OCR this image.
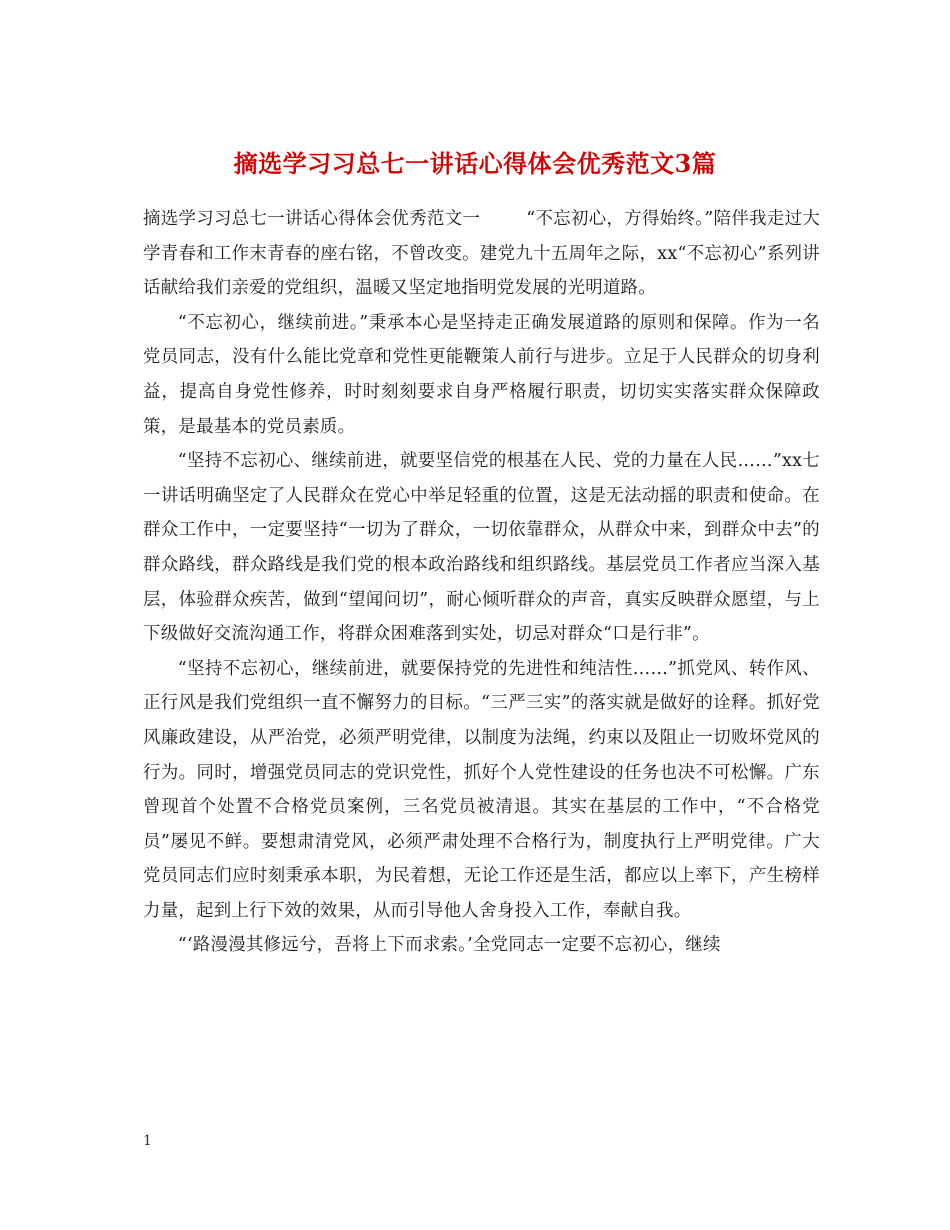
摘选学习习总七一讲话心得体会优秀范文3篇

摘选学习习总七一讲话心得体会优秀范文一	“不忘初心，方得始终。”陪伴我走过大学青春和工作末青春的座右铭，不曾改变。建党九十五周年之际，xx“不忘初心”系列讲话献给我们亲爱的党组织，温暖又坚定地指明党发展的光明道路。

“不忘初心，继续前进。”秉承本心是坚持走正确发展道路的原则和保障。作为一名党员同志，没有什么能比党章和党性更能鞭策人前行与进步。立足于人民群众的切身利益，提高自身党性修养，时时刻刻要求自身严格履行职责，切切实实落实群众保障政策，是最基本的党员素质。

“坚持不忘初心、继续前进，就要坚信党的根基在人民、党的力量在人民……”xx七一讲话明确坚定了人民群众在党心中举足轻重的位置，这是无法动摇的职责和使命。在群众工作中，一定要坚持“一切为了群众，一切依靠群众，从群众中来，到群众中去”的群众路线，群众路线是我们党的根本政治路线和组织路线。基层党员工作者应当深入基层，体验群众疾苦，做到“望闻问切”，耐心倾听群众的声音，真实反映群众愿望，与上下级做好交流沟通工作，将群众困难落到实处，切忌对群众“口是行非”。

“坚持不忘初心，继续前进，就要保持党的先进性和纯洁性……”抓党风、转作风、正行风是我们党组织一直不懈努力的目标。“三严三实”的落实就是做好的诠释。抓好党风廉政建设，从严治党，必须严明党律，以制度为法绳，约束以及阻止一切败坏党风的行为。同时，增强党员同志的党识党性，抓好个人党性建设的任务也决不可松懈。广东曾现首个处置不合格党员案例，三名党员被清退。其实在基层的工作中，“不合格党员”屡见不鲜。要想肃清党风，必须严肃处理不合格行为，制度执行上严明党律。广大党员同志们应时刻秉承本职，为民着想，无论工作还是生活，都应以上率下，产生榜样力量，起到上行下效的效果，从而引导他人舍身投入工作，奉献自我。

“‘路漫漫其修远兮，吾将上下而求索。’全党同志一定要不忘初心，继续

1
